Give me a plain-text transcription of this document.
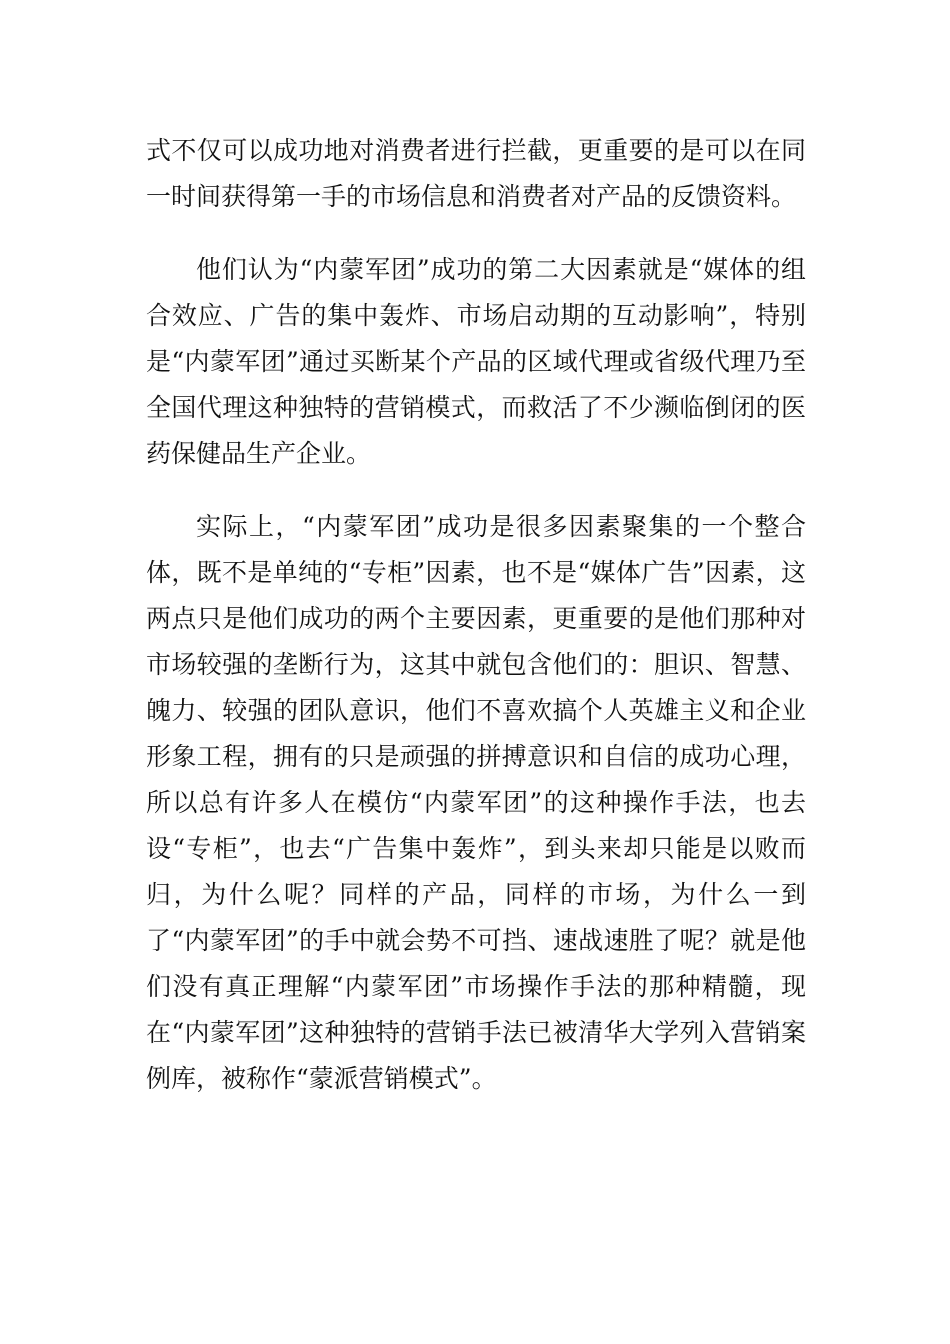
式不仅可以成功地对消费者进行拦截，更重要的是可以在同一时间获得第一手的市场信息和消费者对产品的反馈资料。

他们认为“内蒙军团”成功的第二大因素就是“媒体的组合效应、广告的集中轰炸、市场启动期的互动影响”，特别是“内蒙军团”通过买断某个产品的区域代理或省级代理乃至全国代理这种独特的营销模式，而救活了不少濒临倒闭的医药保健品生产企业。

实际上，“内蒙军团”成功是很多因素聚集的一个整合体，既不是单纯的“专柜”因素，也不是“媒体广告”因素，这两点只是他们成功的两个主要因素，更重要的是他们那种对市场较强的垄断行为，这其中就包含他们的：胆识、智慧、魄力、较强的团队意识，他们不喜欢搞个人英雄主义和企业形象工程，拥有的只是顽强的拼搏意识和自信的成功心理，所以总有许多人在模仿“内蒙军团”的这种操作手法，也去设“专柜”，也去“广告集中轰炸”，到头来却只能是以败而归，为什么呢？同样的产品，同样的市场，为什么一到了“内蒙军团”的手中就会势不可挡、速战速胜了呢？就是他们没有真正理解“内蒙军团”市场操作手法的那种精髓，现在“内蒙军团”这种独特的营销手法已被清华大学列入营销案例库，被称作“蒙派营销模式”。
